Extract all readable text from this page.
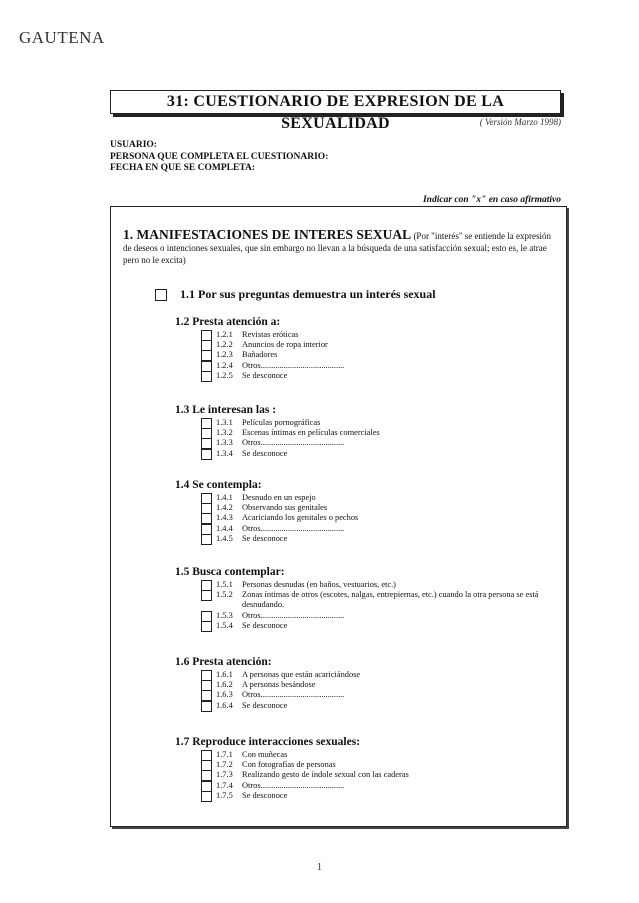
GAUTENA
31: CUESTIONARIO DE EXPRESION DE LA SEXUALIDAD	( Versión Marzo 1998)
USUARIO:
PERSONA QUE COMPLETA EL CUESTIONARIO:
FECHA EN QUE SE COMPLETA:
Indicar con "x" en caso afirmativo
1. MANIFESTACIONES DE INTERES SEXUAL (Por "interés" se entiende la expresión de deseos o intenciones sexuales, que sin embargo no llevan a la búsqueda de una satisfacción sexual; esto es, le atrae pero no le excita)
1.1 Por sus preguntas demuestra un interés sexual
1.2 Presta atención a:
1.2.1	Revistas eróticas
1.2.2	Anuncios de ropa interior
1.2.3	Bañadores
1.2.4	Otros........................................
1.2.5	Se desconoce
1.3 Le interesan las :
1.3.1	Películas pornográficas
1.3.2	Escenas íntimas en películas comerciales
1.3.3	Otros........................................
1.3.4	Se desconoce
1.4 Se contempla:
1.4.1	Desnudo en un espejo
1.4.2	Observando sus genitales
1.4.3	Acariciando los genitales o pechos
1.4.4	Otros........................................
1.4.5	Se desconoce
1.5 Busca contemplar:
1.5.1	Personas desnudas (en baños, vestuarios, etc.)
1.5.2	Zonas íntimas de otros (escotes, nalgas, entrepiernas, etc.) cuando la otra persona se está desnudando.
1.5.3	Otros........................................
1.5.4	Se desconoce
1.6 Presta atención:
1.6.1	A personas que están acariciándose
1.6.2	A personas besándose
1.6.3	Otros........................................
1.6.4	Se desconoce
1.7 Reproduce interacciones sexuales:
1.7.1	Con muñecas
1.7.2	Con fotografías de personas
1.7.3	Realizando gesto de índole sexual con las caderas
1.7.4	Otros........................................
1.7.5	Se desconoce
1
